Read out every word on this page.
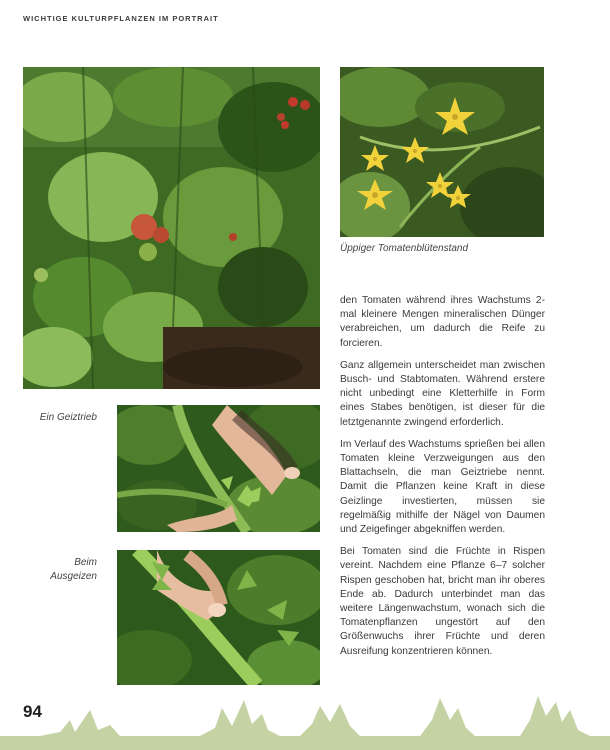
WICHTIGE KULTURPFLANZEN IM PORTRAIT
Üppiger Tomatenblütenstand
Ein Geiztrieb
Beim
Ausgeizen

den Tomaten während ihres Wachstums 2-mal kleinere Mengen mineralischen Dünger verabreichen, um dadurch die Reife zu forcieren.

Ganz allgemein unterscheidet man zwischen Busch- und Stabtomaten. Während erstere nicht unbedingt eine Kletterhilfe in Form eines Stabes benötigen, ist dieser für die letztgenannte zwingend erforderlich.

Im Verlauf des Wachstums sprießen bei allen Tomaten kleine Verzweigungen aus den Blattachseln, die man Geiztriebe nennt. Damit die Pflanzen keine Kraft in diese Geizlinge investierten, müssen sie regelmäßig mithilfe der Nägel von Daumen und Zeigefinger abgekniffen werden.

Bei Tomaten sind die Früchte in Rispen vereint. Nachdem eine Pflanze 6–7 solcher Rispen geschoben hat, bricht man ihr oberes Ende ab. Dadurch unterbindet man das weitere Längenwachstum, wonach sich die Tomatenpflanzen ungestört auf den Größenwuchs ihrer Früchte und deren Ausreifung konzentrieren können.

94
